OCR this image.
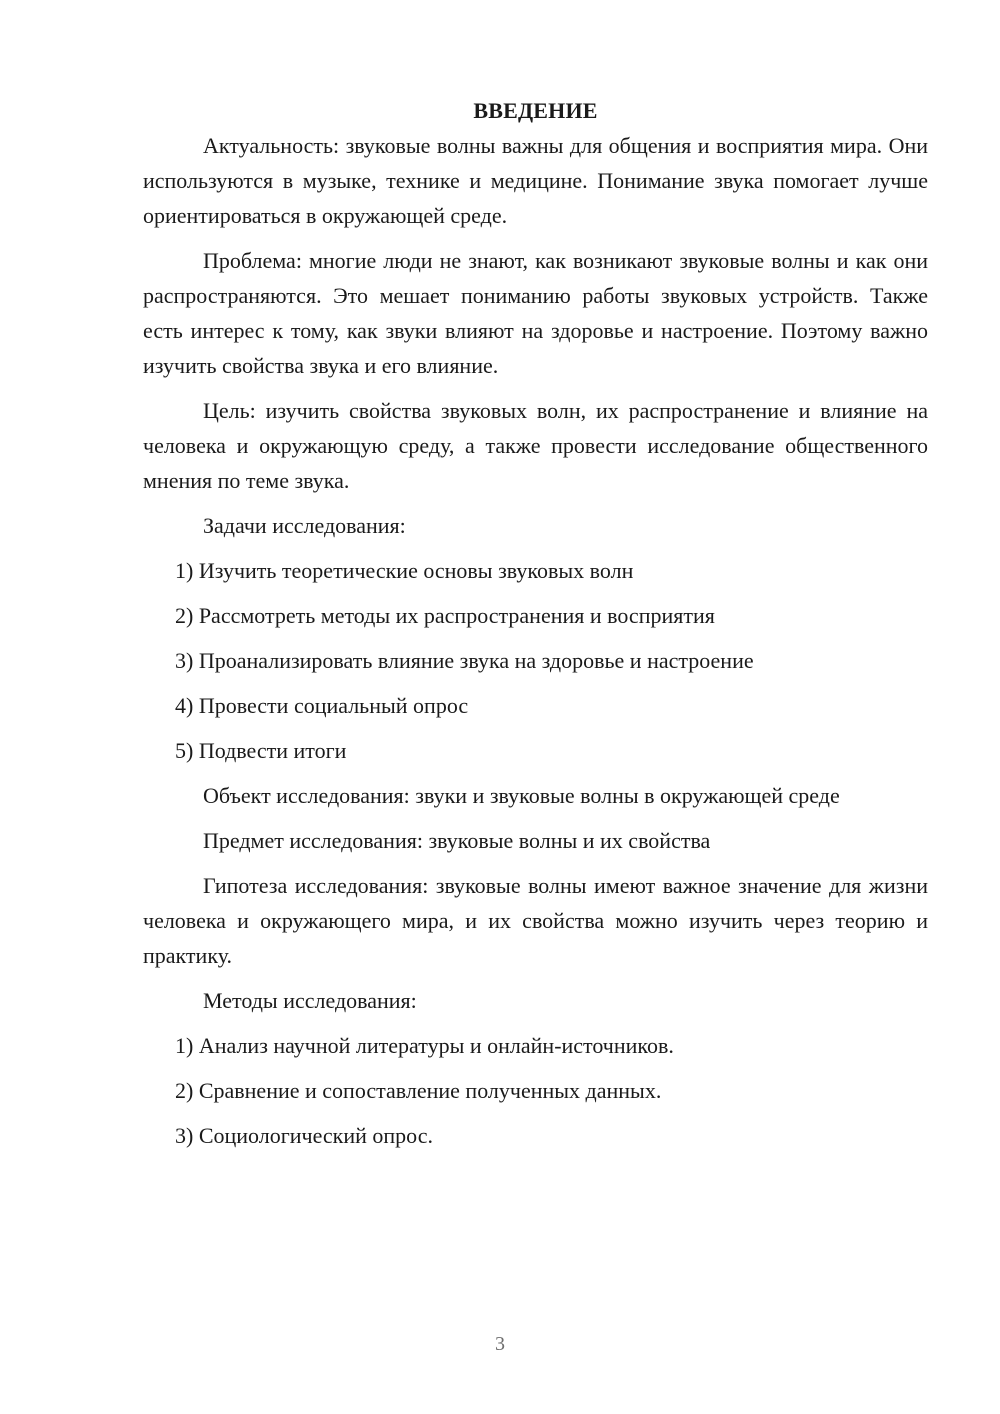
ВВЕДЕНИЕ

Актуальность: звуковые волны важны для общения и восприятия мира. Они используются в музыке, технике и медицине. Понимание звука помогает лучше ориентироваться в окружающей среде.

Проблема: многие люди не знают, как возникают звуковые волны и как они распространяются. Это мешает пониманию работы звуковых устройств. Также есть интерес к тому, как звуки влияют на здоровье и настроение. Поэтому важно изучить свойства звука и его влияние.

Цель: изучить свойства звуковых волн, их распространение и влияние на человека и окружающую среду, а также провести исследование общественного мнения по теме звука.

Задачи исследования:
1) Изучить теоретические основы звуковых волн
2) Рассмотреть методы их распространения и восприятия
3) Проанализировать влияние звука на здоровье и настроение
4) Провести социальный опрос
5) Подвести итоги
Объект исследования: звуки и звуковые волны в окружающей среде
Предмет исследования: звуковые волны и их свойства

Гипотеза исследования: звуковые волны имеют важное значение для жизни человека и окружающего мира, и их свойства можно изучить через теорию и практику.

Методы исследования:
1) Анализ научной литературы и онлайн-источников.
2) Сравнение и сопоставление полученных данных.
3) Социологический опрос.
3
